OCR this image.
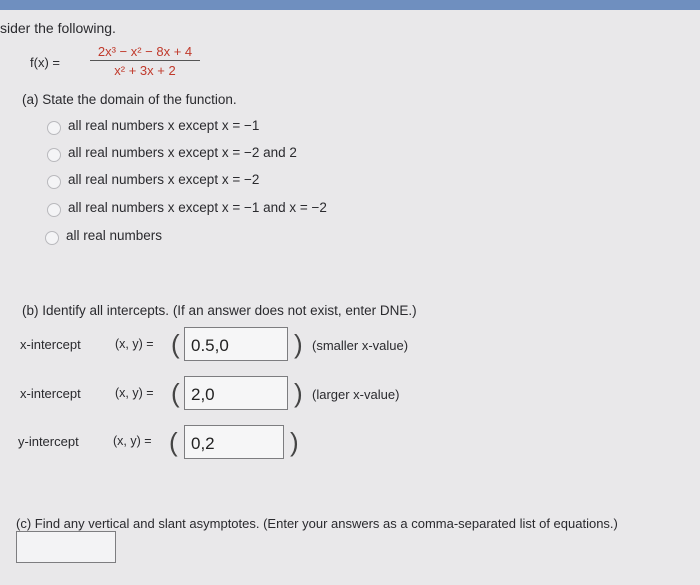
sider the following.
$f(x) = \frac{\text{2x³ − x² − 8x + 4}}{\text{x² + 3x + 2}}$
(a) State the domain of the function.
all real numbers x except x = −1
all real numbers x except x = −2 and 2
all real numbers x except x = −2
all real numbers x except x = −1 and x = −2
all real numbers
(b) Identify all intercepts. (If an answer does not exist, enter DNE.)
x-intercept	(x, y) = ( 0.5,0	) (smaller x-value)
x-intercept	(x, y) = ( 2,0	) (larger x-value)
y-intercept	(x, y) = ( 0,2	)
(c) Find any vertical and slant asymptotes. (Enter your answers as a comma-separated list of equations.)
